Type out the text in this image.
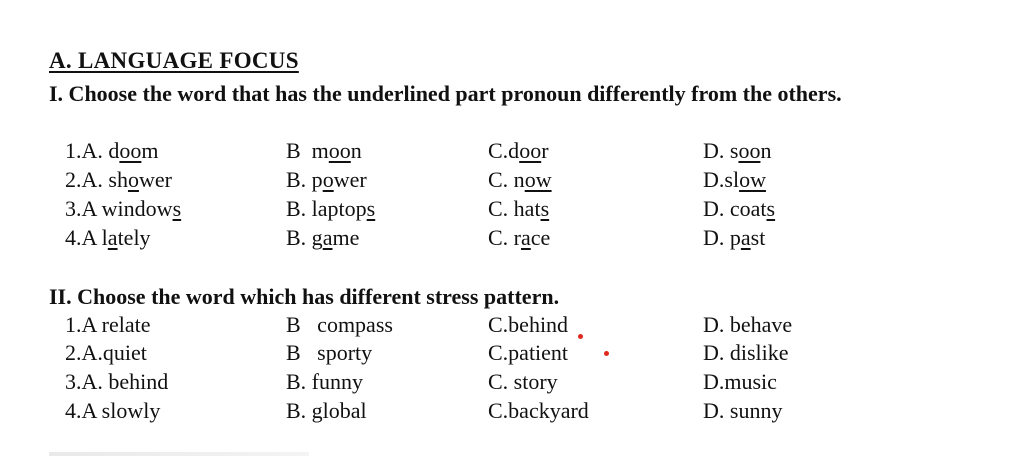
A. LANGUAGE FOCUS
I. Choose the word that has the underlined part pronoun differently from the others.
1.A. doom	B  moon	C.door	D. soon
2.A. shower	B. power	C. now	D.slow
3.A windows	B. laptops	C. hats	D. coats
4.A lately	B. game	C. race	D. past
II. Choose the word which has different stress pattern.
1.A relate	B   compass	C.behind	D. behave
2.A.quiet	B   sporty	C.patient	D. dislike
3.A. behind	B. funny	C. story	D.music
4.A slowly	B. global	C.backyard	D. sunny
